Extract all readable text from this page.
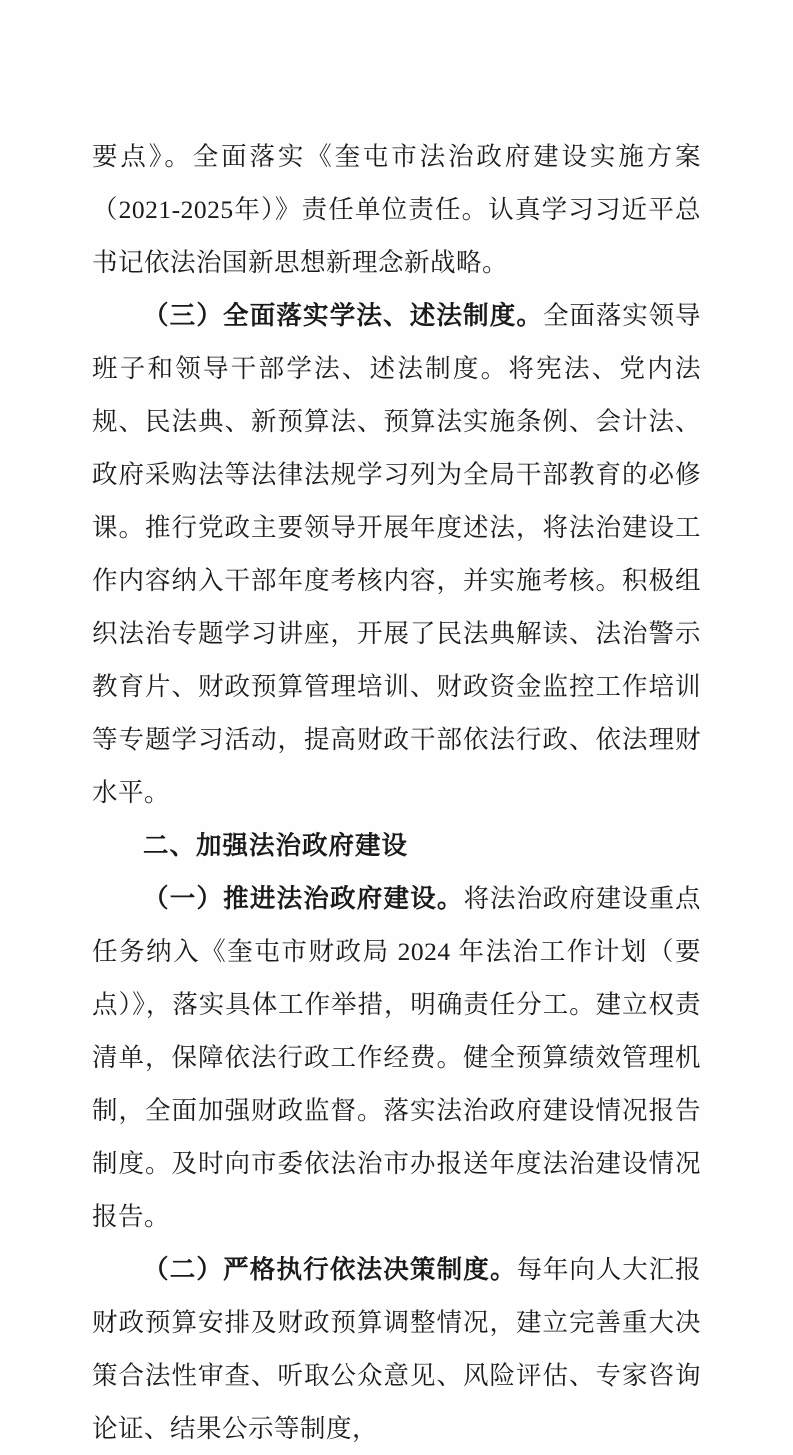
要点》。全面落实《奎屯市法治政府建设实施方案（2021-2025年）》责任单位责任。认真学习习近平总书记依法治国新思想新理念新战略。

（三）全面落实学法、述法制度。全面落实领导班子和领导干部学法、述法制度。将宪法、党内法规、民法典、新预算法、预算法实施条例、会计法、政府采购法等法律法规学习列为全局干部教育的必修课。推行党政主要领导开展年度述法，将法治建设工作内容纳入干部年度考核内容，并实施考核。积极组织法治专题学习讲座，开展了民法典解读、法治警示教育片、财政预算管理培训、财政资金监控工作培训等专题学习活动，提高财政干部依法行政、依法理财水平。

二、加强法治政府建设

（一）推进法治政府建设。将法治政府建设重点任务纳入《奎屯市财政局 2024 年法治工作计划（要点）》，落实具体工作举措，明确责任分工。建立权责清单，保障依法行政工作经费。健全预算绩效管理机制，全面加强财政监督。落实法治政府建设情况报告制度。及时向市委依法治市办报送年度法治建设情况报告。

（二）严格执行依法决策制度。每年向人大汇报财政预算安排及财政预算调整情况，建立完善重大决策合法性审查、听取公众意见、风险评估、专家咨询论证、结果公示等制度，
